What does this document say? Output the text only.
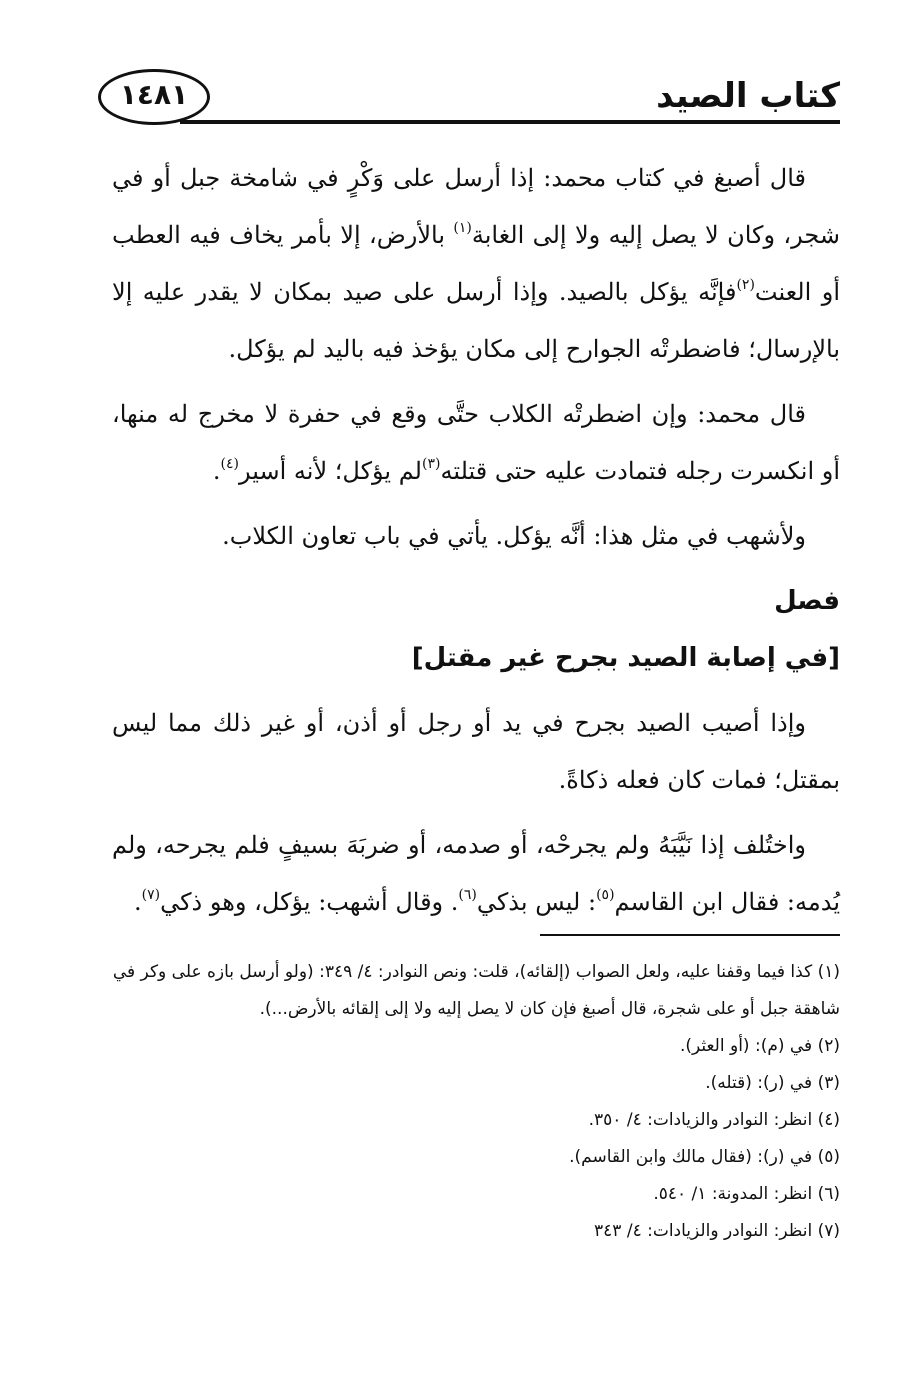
كتاب الصيد
١٤٨١

قال أصبغ في كتاب محمد: إذا أرسل على وَكْرٍ في شامخة جبل أو في شجر، وكان لا يصل إليه ولا إلى الغابة$^{(١)}$ بالأرض، إلا بأمر يخاف فيه العطب أو العنت$^{(٢)}$فإنَّه يؤكل بالصيد. وإذا أرسل على صيد بمكان لا يقدر عليه إلا بالإرسال؛ فاضطرتْه الجوارح إلى مكان يؤخذ فيه باليد لم يؤكل.

قال محمد: وإن اضطرتْه الكلاب حتَّى وقع في حفرة لا مخرج له منها، أو انكسرت رجله فتمادت عليه حتى قتلته$^{(٣)}$لم يؤكل؛ لأنه أسير$^{(٤)}$.

ولأشهب في مثل هذا: أنَّه يؤكل. يأتي في باب تعاون الكلاب.

فصل
[في إصابة الصيد بجرح غير مقتل]

وإذا أصيب الصيد بجرح في يد أو رجل أو أذن، أو غير ذلك مما ليس بمقتل؛ فمات كان فعله ذكاةً.

واختُلف إذا نَيَّبَهُ ولم يجرحْه، أو صدمه، أو ضربَهَ بسيفٍ فلم يجرحه، ولم يُدمه: فقال ابن القاسم$^{(٥)}$: ليس بذكي$^{(٦)}$. وقال أشهب: يؤكل، وهو ذكي$^{(٧)}$.

(١) كذا فيما وقفنا عليه، ولعل الصواب (إلقائه)، قلت: ونص النوادر: ٤/ ٣٤٩: (ولو أرسل بازه على وكر في شاهقة جبل أو على شجرة، قال أصبغ فإن كان لا يصل إليه ولا إلى إلقائه بالأرض...).

(٢) في (م): (أو العثر).

(٣) في (ر): (قتله).

(٤) انظر: النوادر والزيادات: ٤/ ٣٥٠.

(٥) في (ر): (فقال مالك وابن القاسم).

(٦) انظر: المدونة: ١/ ٥٤٠.

(٧) انظر: النوادر والزيادات: ٤/ ٣٤٣
